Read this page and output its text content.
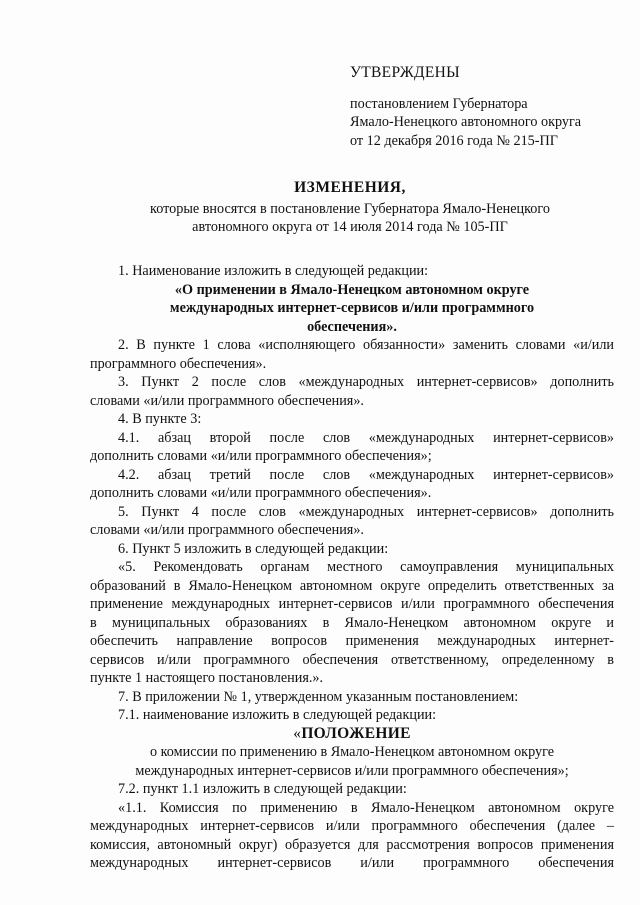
УТВЕРЖДЕНЫ
постановлением Губернатора
Ямало-Ненецкого автономного округа
от 12 декабря 2016 года № 215-ПГ
ИЗМЕНЕНИЯ,
которые вносятся в постановление Губернатора Ямало-Ненецкого
автономного округа от 14 июля 2014 года № 105-ПГ
1. Наименование изложить в следующей редакции:
«О применении в Ямало-Ненецком автономном округе
международных интернет-сервисов и/или программного
обеспечения».
2. В пункте 1 слова «исполняющего обязанности» заменить словами «и/или
программного обеспечения».
3. Пункт 2 после слов «международных интернет-сервисов» дополнить
словами «и/или программного обеспечения».
4. В пункте 3:
4.1. абзац второй после слов «международных интернет-сервисов»
дополнить словами «и/или программного обеспечения»;
4.2. абзац третий после слов «международных интернет-сервисов»
дополнить словами «и/или программного обеспечения».
5. Пункт 4 после слов «международных интернет-сервисов» дополнить
словами «и/или программного обеспечения».
6. Пункт 5 изложить в следующей редакции:
«5. Рекомендовать органам местного самоуправления муниципальных
образований в Ямало-Ненецком автономном округе определить ответственных за
применение международных интернет-сервисов и/или программного обеспечения
в муниципальных образованиях в Ямало-Ненецком автономном округе и
обеспечить направление вопросов применения международных интернет-
сервисов и/или программного обеспечения ответственному, определенному в
пункте 1 настоящего постановления.».
7. В приложении № 1, утвержденном указанным постановлением:
7.1. наименование изложить в следующей редакции:
«ПОЛОЖЕНИЕ
о комиссии по применению в Ямало-Ненецком автономном округе
международных интернет-сервисов и/или программного обеспечения»;
7.2. пункт 1.1 изложить в следующей редакции:
«1.1. Комиссия по применению в Ямало-Ненецком автономном округе
международных интернет-сервисов и/или программного обеспечения (далее –
комиссия, автономный округ) образуется для рассмотрения вопросов применения
международных интернет-сервисов и/или программного обеспечения
